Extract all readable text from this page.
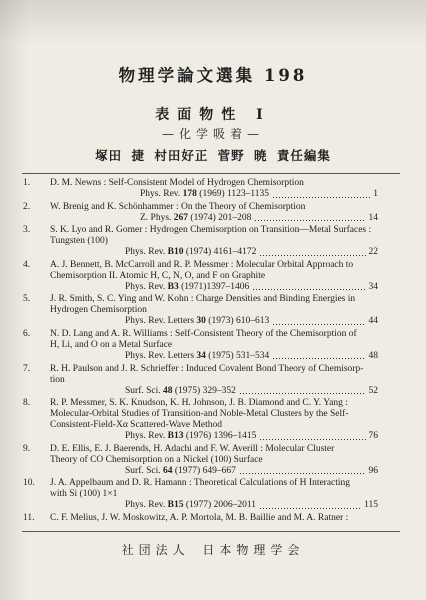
物理学論文選集 198
表面物性 I
—化学吸着—
塚田 捷 村田好正 菅野 暁 責任編集
1. D. M. Newns : Self-Consistent Model of Hydrogen Chemisorption
Phys. Rev. 178 (1969) 1123–1135	1
2. W. Brenig and K. Schönhammer : On the Theory of Chemisorption
Z. Phys. 267 (1974) 201–208	14
3. S. K. Lyo and R. Gomer : Hydrogen Chemisorption on Transition—Metal Surfaces :
Tungsten (100)
Phys. Rev. B10 (1974) 4161–4172	22
4. A. J. Bennett, B. McCarroll and R. P. Messmer : Molecular Orbital Approach to
Chemisorption II. Atomic H, C, N, O, and F on Graphite
Phys. Rev. B3 (1971)1397–1406	34
5. J. R. Smith, S. C. Ying and W. Kohn : Charge Densities and Binding Energies in
Hydrogen Chemisorption
Phys. Rev. Letters 30 (1973) 610–613	44
6. N. D. Lang and A. R. Williams : Self-Consistent Theory of the Chemisorption of
H, Li, and O on a Metal Surface
Phys. Rev. Letters 34 (1975) 531–534	48
7. R. H. Paulson and J. R. Schrieffer : Induced Covalent Bond Theory of Chemisorp-
tion
Surf. Sci. 48 (1975) 329–352	52
8. R. P. Messmer, S. K. Knudson, K. H. Johnson, J. B. Diamond and C. Y. Yang :
Molecular-Orbital Studies of Transition-and Noble-Metal Clusters by the Self-
Consistent-Field-Xα Scattered-Wave Method
Phys. Rev. B13 (1976) 1396–1415	76
9. D. E. Ellis, E. J. Baerends, H. Adachi and F. W. Averill : Molecular Cluster
Theory of CO Chemisorption on a Nickel (100) Surface
Surf. Sci. 64 (1977) 649–667	96
10. J. A. Appelbaum and D. R. Hamann : Theoretical Calculations of H Interacting
with Si (100) 1×1
Phys. Rev. B15 (1977) 2006–2011	115
11. C. F. Melius, J. W. Moskowitz, A. P. Mortola, M. B. Baillie and M. A. Ratner :
社団法人 日本物理学会
